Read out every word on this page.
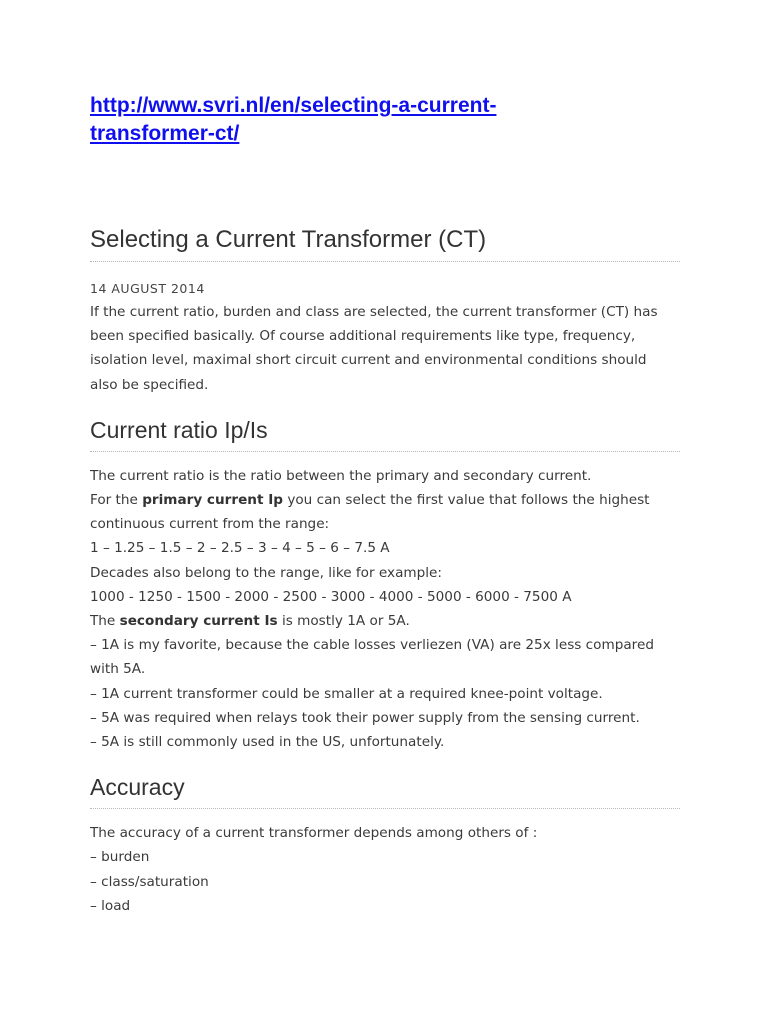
http://www.svri.nl/en/selecting-a-current-
transformer-ct/
Selecting a Current Transformer (CT)
14 AUGUST 2014

If the current ratio, burden and class are selected, the current transformer (CT) has

been specified basically. Of course additional requirements like type, frequency,

isolation level, maximal short circuit current and environmental conditions should

also be specified.

Current ratio Ip/Is

The current ratio is the ratio between the primary and secondary current.

For the primary current Ip you can select the first value that follows the highest

continuous current from the range:

1 – 1.25 – 1.5 – 2 – 2.5 – 3 – 4 – 5 – 6 – 7.5 A

Decades also belong to the range, like for example:

1000 - 1250 - 1500 - 2000 - 2500 - 3000 - 4000 - 5000 - 6000 - 7500 A

The secondary current Is is mostly 1A or 5A.

– 1A is my favorite, because the cable losses verliezen (VA) are 25x less compared

with 5A.

– 1A current transformer could be smaller at a required knee-point voltage.

– 5A was required when relays took their power supply from the sensing current.

– 5A is still commonly used in the US, unfortunately.

Accuracy

The accuracy of a current transformer depends among others of :

– burden

– class/saturation

– load
